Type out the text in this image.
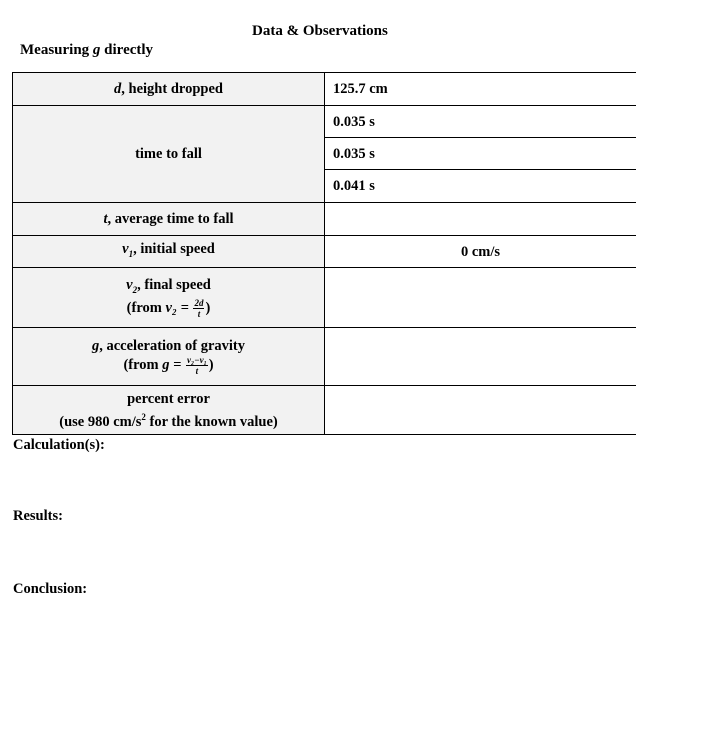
Data & Observations
Measuring g directly
d, height dropped	125.7 cm
time to fall
0.035 s
0.035 s
0.041 s
t, average time to fall
$v_1$, initial speed	0 cm/s
$v_2$, final speed
(from $v_2 = \frac{2d}{t}$ )
g, acceleration of gravity
(from $g = \frac{\text{v₂−v₁}}{t}$ )
percent error
(use 980 $cm/s^2$ for the known value)
Calculation(s):
Results:
Conclusion:
